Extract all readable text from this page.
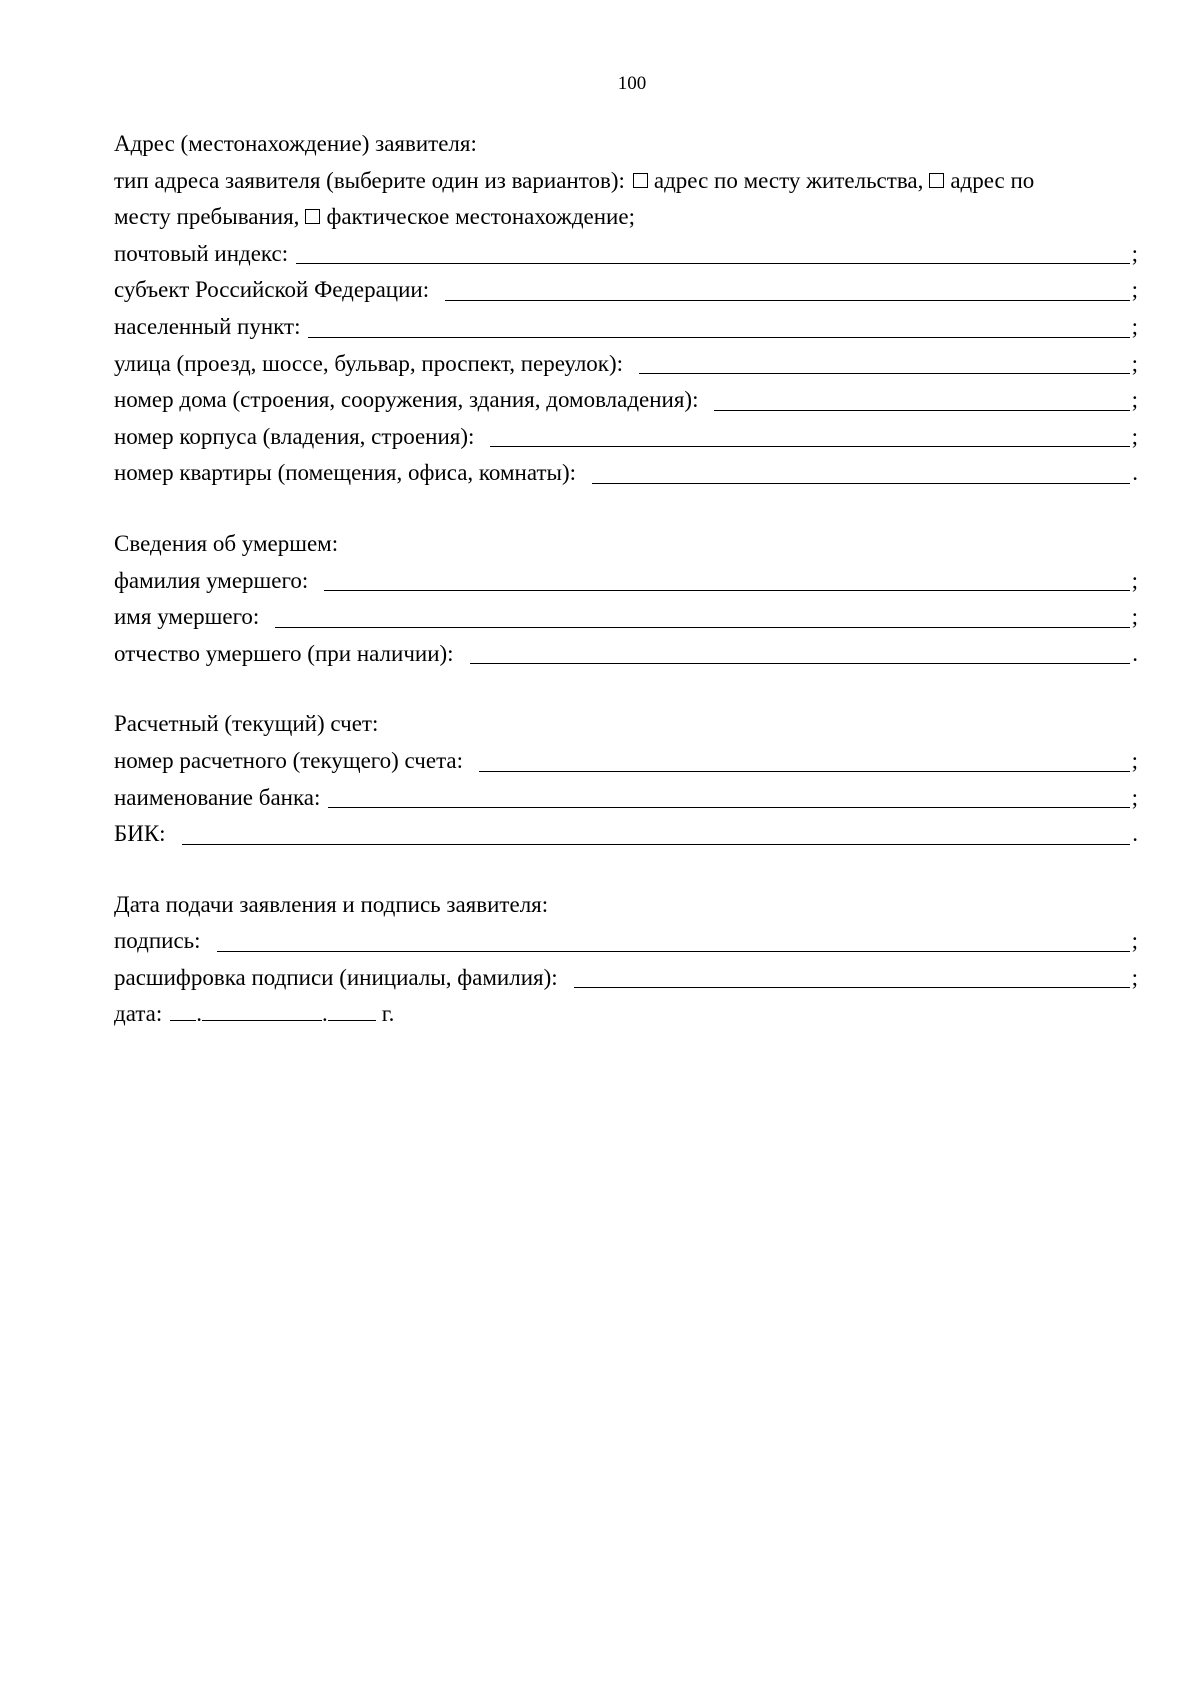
100
Адрес (местонахождение) заявителя:
тип адреса заявителя (выберите один из вариантов): адрес по месту жительства, адрес по
месту пребывания, фактическое местонахождение;
почтовый индекс:	;
субъект Российской Федерации:	;
населенный пункт:	;
улица (проезд, шоссе, бульвар, проспект, переулок):	;
номер дома (строения, сооружения, здания, домовладения):	;
номер корпуса (владения, строения):	;
номер квартиры (помещения, офиса, комнаты):	.
Сведения об умершем:
фамилия умершего:	;
имя умершего:	;
отчество умершего (при наличии):	.
Расчетный (текущий) счет:
номер расчетного (текущего) счета:	;
наименование банка:	;
БИК:	.
Дата подачи заявления и подпись заявителя:
подпись:	;
расшифровка подписи (инициалы, фамилия):	;
дата: .	. г.
